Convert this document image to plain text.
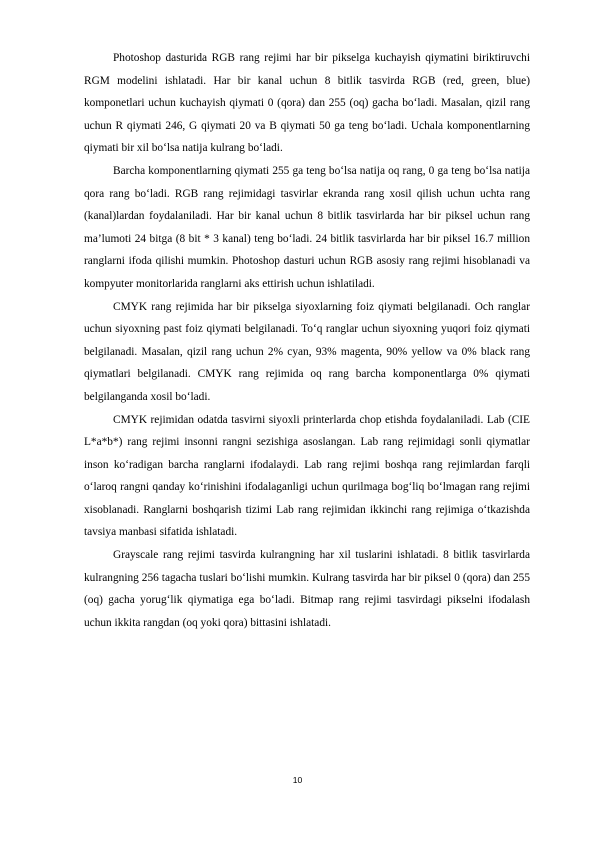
Photoshop dasturida RGB rang rejimi har bir pikselga kuchayish qiymatini biriktiruvchi RGM modelini ishlatadi. Har bir kanal uchun 8 bitlik tasvirda RGB (red, green, blue) komponetlari uchun kuchayish qiymati 0 (qora) dan 255 (oq) gacha bo‘ladi. Masalan, qizil rang uchun R qiymati 246, G qiymati 20 va B qiymati 50 ga teng bo‘ladi. Uchala komponentlarning qiymati bir xil bo‘lsa natija kulrang bo‘ladi.

Barcha komponentlarning qiymati 255 ga teng bo‘lsa natija oq rang, 0 ga teng bo‘lsa natija qora rang bo‘ladi. RGB rang rejimidagi tasvirlar ekranda rang xosil qilish uchun uchta rang (kanal)lardan foydalaniladi. Har bir kanal uchun 8 bitlik tasvirlarda har bir piksel uchun rang ma’lumoti 24 bitga (8 bit * 3 kanal) teng bo‘ladi. 24 bitlik tasvirlarda har bir piksel 16.7 million ranglarni ifoda qilishi mumkin. Photoshop dasturi uchun RGB asosiy rang rejimi hisoblanadi va kompyuter monitorlarida ranglarni aks ettirish uchun ishlatiladi.

CMYK rang rejimida har bir pikselga siyoxlarning foiz qiymati belgilanadi. Och ranglar uchun siyoxning past foiz qiymati belgilanadi. To‘q ranglar uchun siyoxning yuqori foiz qiymati belgilanadi. Masalan, qizil rang uchun 2% cyan, 93% magenta, 90% yellow va 0% black rang qiymatlari belgilanadi. CMYK rang rejimida oq rang barcha komponentlarga 0% qiymati belgilanganda xosil bo‘ladi.

CMYK rejimidan odatda tasvirni siyoxli printerlarda chop etishda foydalaniladi. Lab (CIE L*a*b*) rang rejimi insonni rangni sezishiga asoslangan. Lab rang rejimidagi sonli qiymatlar inson ko‘radigan barcha ranglarni ifodalaydi. Lab rang rejimi boshqa rang rejimlardan farqli o‘laroq rangni qanday ko‘rinishini ifodalaganligi uchun qurilmaga bog‘liq bo‘lmagan rang rejimi xisoblanadi. Ranglarni boshqarish tizimi Lab rang rejimidan ikkinchi rang rejimiga o‘tkazishda tavsiya manbasi sifatida ishlatadi.

Grayscale rang rejimi tasvirda kulrangning har xil tuslarini ishlatadi. 8 bitlik tasvirlarda kulrangning 256 tagacha tuslari bo‘lishi mumkin. Kulrang tasvirda har bir piksel 0 (qora) dan 255 (oq) gacha yorug‘lik qiymatiga ega bo‘ladi. Bitmap rang rejimi tasvirdagi pikselni ifodalash uchun ikkita rangdan (oq yoki qora) bittasini ishlatadi.

10
